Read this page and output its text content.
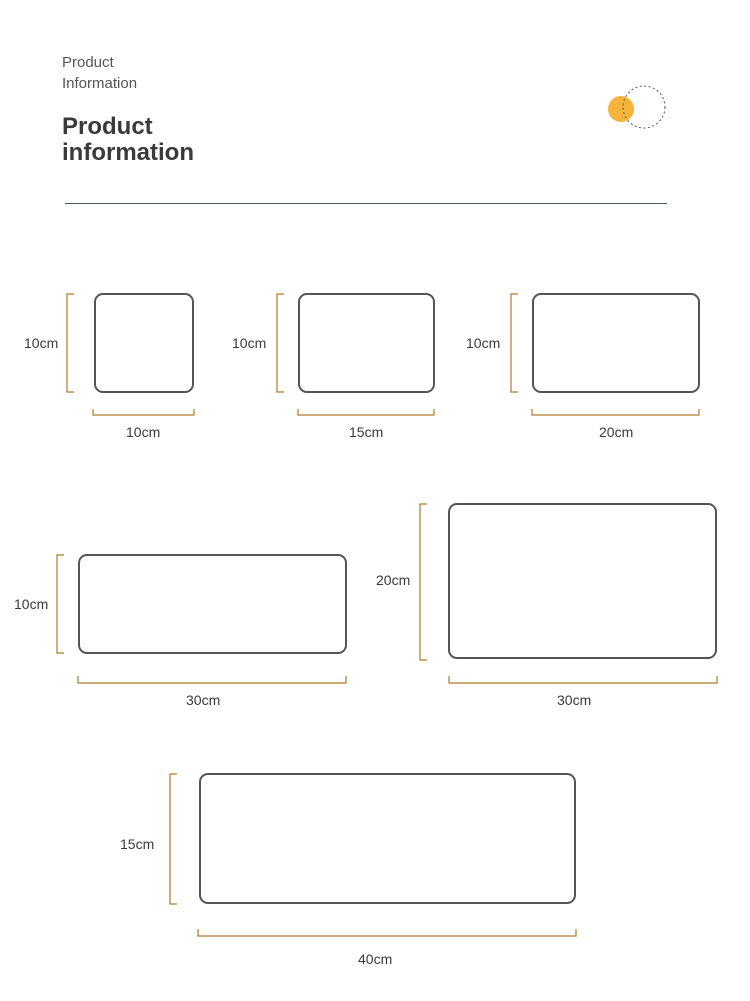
Product
Information
Product
information
10cm
10cm
10cm
15cm
10cm
20cm
10cm
30cm
20cm
30cm
15cm
40cm
